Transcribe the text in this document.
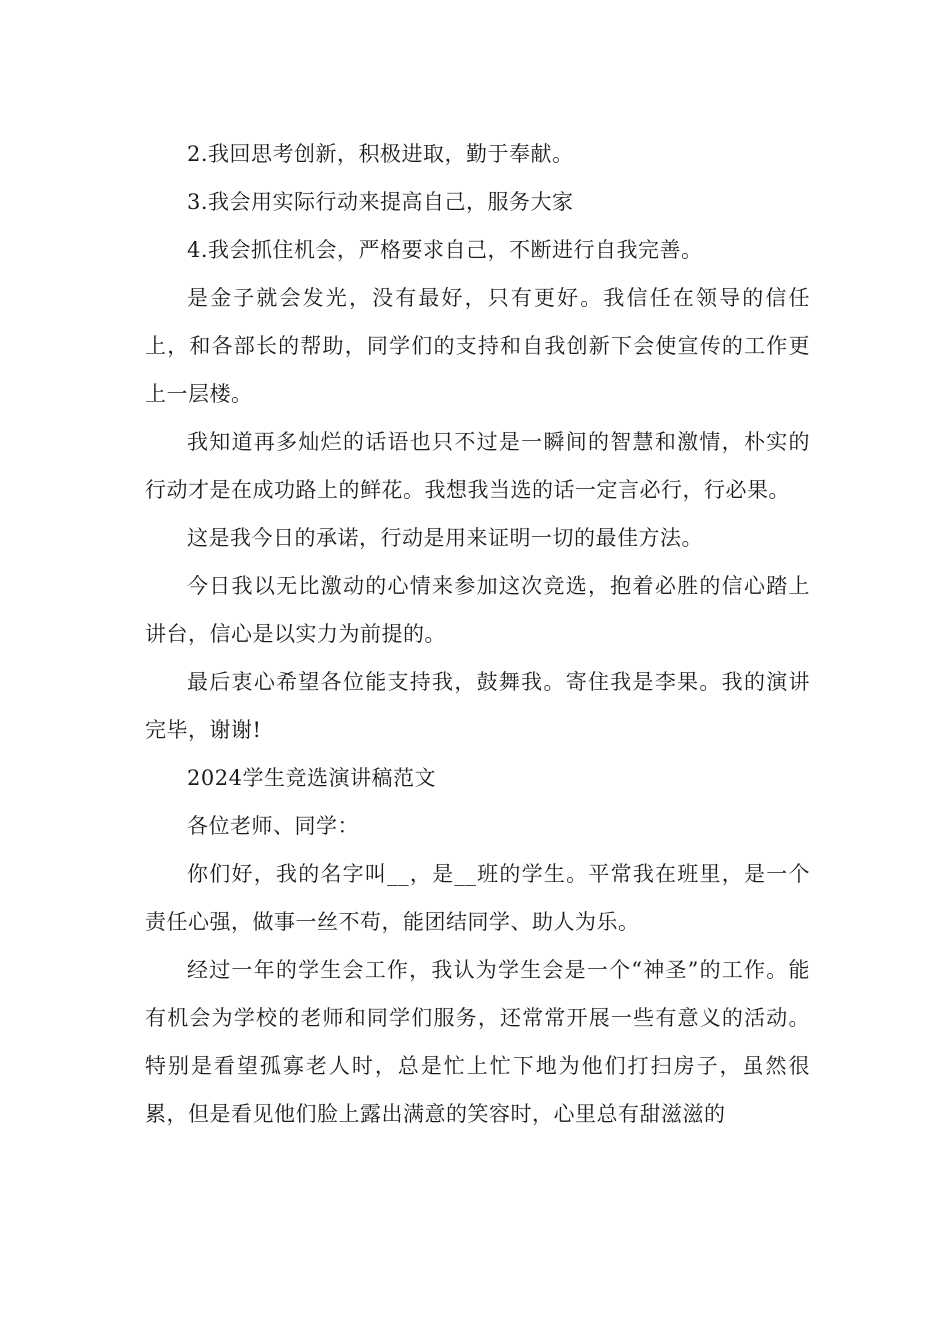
2.我回思考创新，积极进取，勤于奉献。

3.我会用实际行动来提高自己，服务大家

4.我会抓住机会，严格要求自己，不断进行自我完善。

是金子就会发光，没有最好，只有更好。我信任在领导的信任上，和各部长的帮助，同学们的支持和自我创新下会使宣传的工作更上一层楼。

我知道再多灿烂的话语也只不过是一瞬间的智慧和激情，朴实的行动才是在成功路上的鲜花。我想我当选的话一定言必行，行必果。

这是我今日的承诺，行动是用来证明一切的最佳方法。

今日我以无比激动的心情来参加这次竞选，抱着必胜的信心踏上讲台，信心是以实力为前提的。

最后衷心希望各位能支持我，鼓舞我。寄住我是李果。我的演讲完毕，谢谢!

2024学生竞选演讲稿范文

各位老师、同学：

你们好，我的名字叫__，是__班的学生。平常我在班里，是一个责任心强，做事一丝不苟，能团结同学、助人为乐。

经过一年的学生会工作，我认为学生会是一个“神圣”的工作。能有机会为学校的老师和同学们服务，还常常开展一些有意义的活动。特别是看望孤寡老人时，总是忙上忙下地为他们打扫房子，虽然很累，但是看见他们脸上露出满意的笑容时，心里总有甜滋滋的
